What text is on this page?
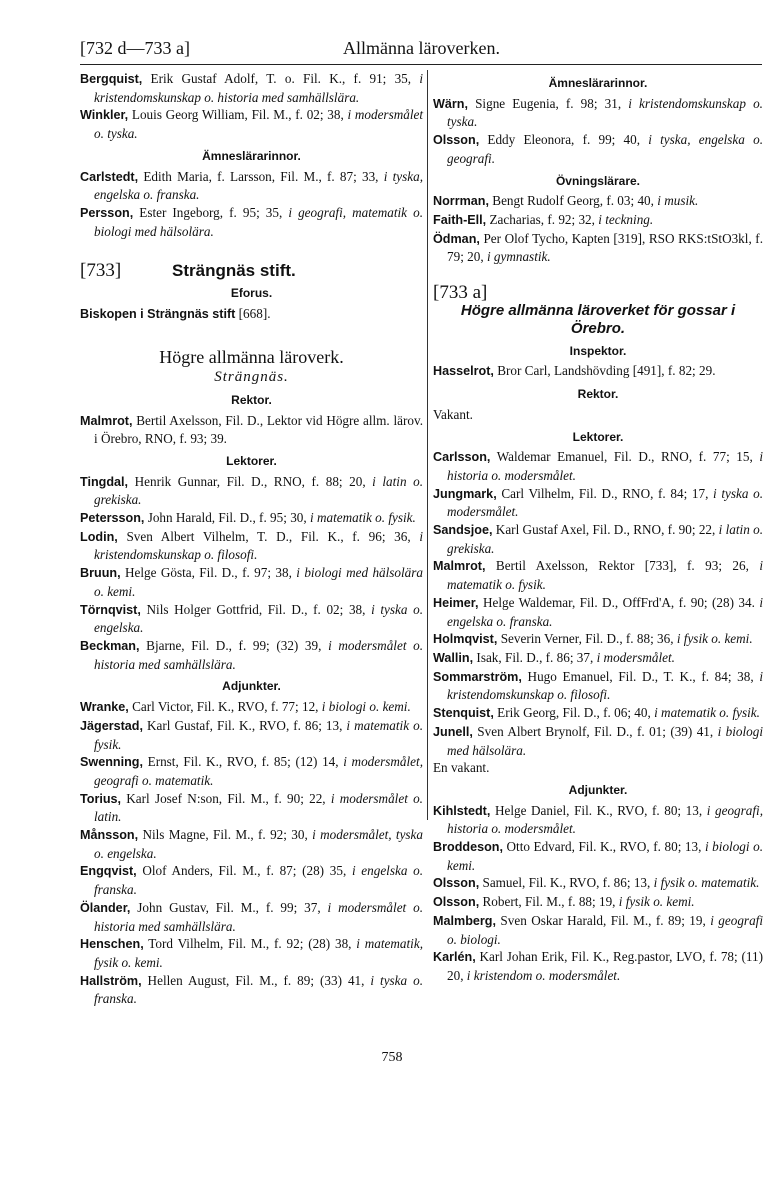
[732 d—733 a]	Allmänna läroverken.

Bergquist, Erik Gustaf Adolf, T. o. Fil. K., f. 91; 35, i kristendomskunskap o. historia med samhällslära.

Winkler, Louis Georg William, Fil. M., f. 02; 38, i modersmålet o. tyska.

Ämneslärarinnor.

Carlstedt, Edith Maria, f. Larsson, Fil. M., f. 87; 33, i tyska, engelska o. franska.

Persson, Ester Ingeborg, f. 95; 35, i geografi, matematik o. biologi med hälsolära.

[733]	Strängnäs stift.
Eforus.

Biskopen i Strängnäs stift [668].

Högre allmänna läroverk.
Strängnäs.
Rektor.

Malmrot, Bertil Axelsson, Fil. D., Lektor vid Högre allm. lärov. i Örebro, RNO, f. 93; 39.

Lektorer.

Tingdal, Henrik Gunnar, Fil. D., RNO, f. 88; 20, i latin o. grekiska.

Petersson, John Harald, Fil. D., f. 95; 30, i matematik o. fysik.

Lodin, Sven Albert Vilhelm, T. D., Fil. K., f. 96; 36, i kristendomskunskap o. filosofi.

Bruun, Helge Gösta, Fil. D., f. 97; 38, i biologi med hälsolära o. kemi.

Törnqvist, Nils Holger Gottfrid, Fil. D., f. 02; 38, i tyska o. engelska.

Beckman, Bjarne, Fil. D., f. 99; (32) 39, i modersmålet o. historia med samhällslära.

Adjunkter.

Wranke, Carl Victor, Fil. K., RVO, f. 77; 12, i biologi o. kemi.

Jägerstad, Karl Gustaf, Fil. K., RVO, f. 86; 13, i matematik o. fysik.

Swenning, Ernst, Fil. K., RVO, f. 85; (12) 14, i modersmålet, geografi o. matematik.

Torius, Karl Josef N:son, Fil. M., f. 90; 22, i modersmålet o. latin.

Månsson, Nils Magne, Fil. M., f. 92; 30, i modersmålet, tyska o. engelska.

Engqvist, Olof Anders, Fil. M., f. 87; (28) 35, i engelska o. franska.

Ölander, John Gustav, Fil. M., f. 99; 37, i modersmålet o. historia med samhällslära.

Henschen, Tord Vilhelm, Fil. M., f. 92; (28) 38, i matematik, fysik o. kemi.

Hallström, Hellen August, Fil. M., f. 89; (33) 41, i tyska o. franska.

Ämneslärarinnor.

Wärn, Signe Eugenia, f. 98; 31, i kristendomskunskap o. tyska.

Olsson, Eddy Eleonora, f. 99; 40, i tyska, engelska o. geografi.

Övningslärare.

Norrman, Bengt Rudolf Georg, f. 03; 40, i musik.

Faith-Ell, Zacharias, f. 92; 32, i teckning.

Ödman, Per Olof Tycho, Kapten [319], RSO RKS:tStO3kl, f. 79; 20, i gymnastik.

[733 a]
Högre allmänna läroverket för gossar i Örebro.
Inspektor.

Hasselrot, Bror Carl, Landshövding [491], f. 82; 29.

Rektor.

Vakant.

Lektorer.

Carlsson, Waldemar Emanuel, Fil. D., RNO, f. 77; 15, i historia o. modersmålet.

Jungmark, Carl Vilhelm, Fil. D., RNO, f. 84; 17, i tyska o. modersmålet.

Sandsjoe, Karl Gustaf Axel, Fil. D., RNO, f. 90; 22, i latin o. grekiska.

Malmrot, Bertil Axelsson, Rektor [733], f. 93; 26, i matematik o. fysik.

Heimer, Helge Waldemar, Fil. D., OffFrd'A, f. 90; (28) 34. i engelska o. franska.

Holmqvist, Severin Verner, Fil. D., f. 88; 36, i fysik o. kemi.

Wallin, Isak, Fil. D., f. 86; 37, i modersmålet.

Sommarström, Hugo Emanuel, Fil. D., T. K., f. 84; 38, i kristendomskunskap o. filosofi.

Stenquist, Erik Georg, Fil. D., f. 06; 40, i matematik o. fysik.

Junell, Sven Albert Brynolf, Fil. D., f. 01; (39) 41, i biologi med hälsolära.

En vakant.

Adjunkter.

Kihlstedt, Helge Daniel, Fil. K., RVO, f. 80; 13, i geografi, historia o. modersmålet.

Broddeson, Otto Edvard, Fil. K., RVO, f. 80; 13, i biologi o. kemi.

Olsson, Samuel, Fil. K., RVO, f. 86; 13, i fysik o. matematik.

Olsson, Robert, Fil. M., f. 88; 19, i fysik o. kemi.

Malmberg, Sven Oskar Harald, Fil. M., f. 89; 19, i geografi o. biologi.

Karlén, Karl Johan Erik, Fil. K., Reg.pastor, LVO, f. 78; (11) 20, i kristendom o. modersmålet.

758
